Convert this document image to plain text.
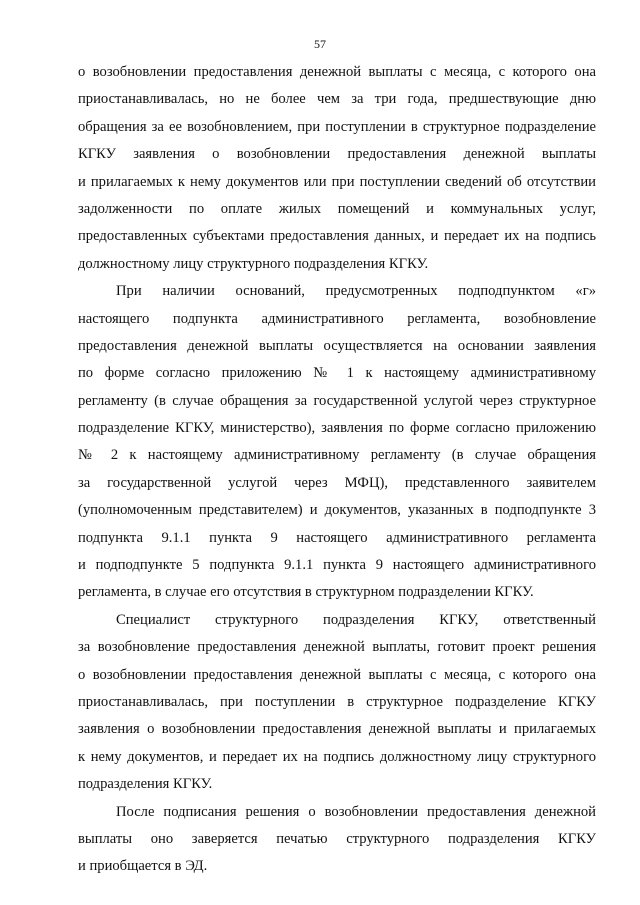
57
о возобновлении предоставления денежной выплаты с месяца, с которого она
приостанавливалась, но не более чем за три года, предшествующие дню
обращения за ее возобновлением, при поступлении в структурное подразделение
КГКУ заявления о возобновлении предоставления денежной выплаты
и прилагаемых к нему документов или при поступлении сведений об отсутствии
задолженности по оплате жилых помещений и коммунальных услуг,
предоставленных субъектами предоставления данных, и передает их на подпись
должностному лицу структурного подразделения КГКУ.
При наличии оснований, предусмотренных подподпунктом «г»
настоящего подпункта административного регламента, возобновление
предоставления денежной выплаты осуществляется на основании заявления
по форме согласно приложению № 1 к настоящему административному
регламенту (в случае обращения за государственной услугой через структурное
подразделение КГКУ, министерство), заявления по форме согласно приложению
№ 2 к настоящему административному регламенту (в случае обращения
за государственной услугой через МФЦ), представленного заявителем
(уполномоченным представителем) и документов, указанных в подподпункте 3
подпункта 9.1.1 пункта 9 настоящего административного регламента
и подподпункте 5 подпункта 9.1.1 пункта 9 настоящего административного
регламента, в случае его отсутствия в структурном подразделении КГКУ.
Специалист структурного подразделения КГКУ, ответственный
за возобновление предоставления денежной выплаты, готовит проект решения
о возобновлении предоставления денежной выплаты с месяца, с которого она
приостанавливалась, при поступлении в структурное подразделение КГКУ
заявления о возобновлении предоставления денежной выплаты и прилагаемых
к нему документов, и передает их на подпись должностному лицу структурного
подразделения КГКУ.
После подписания решения о возобновлении предоставления денежной
выплаты оно заверяется печатью структурного подразделения КГКУ
и приобщается в ЭД.
